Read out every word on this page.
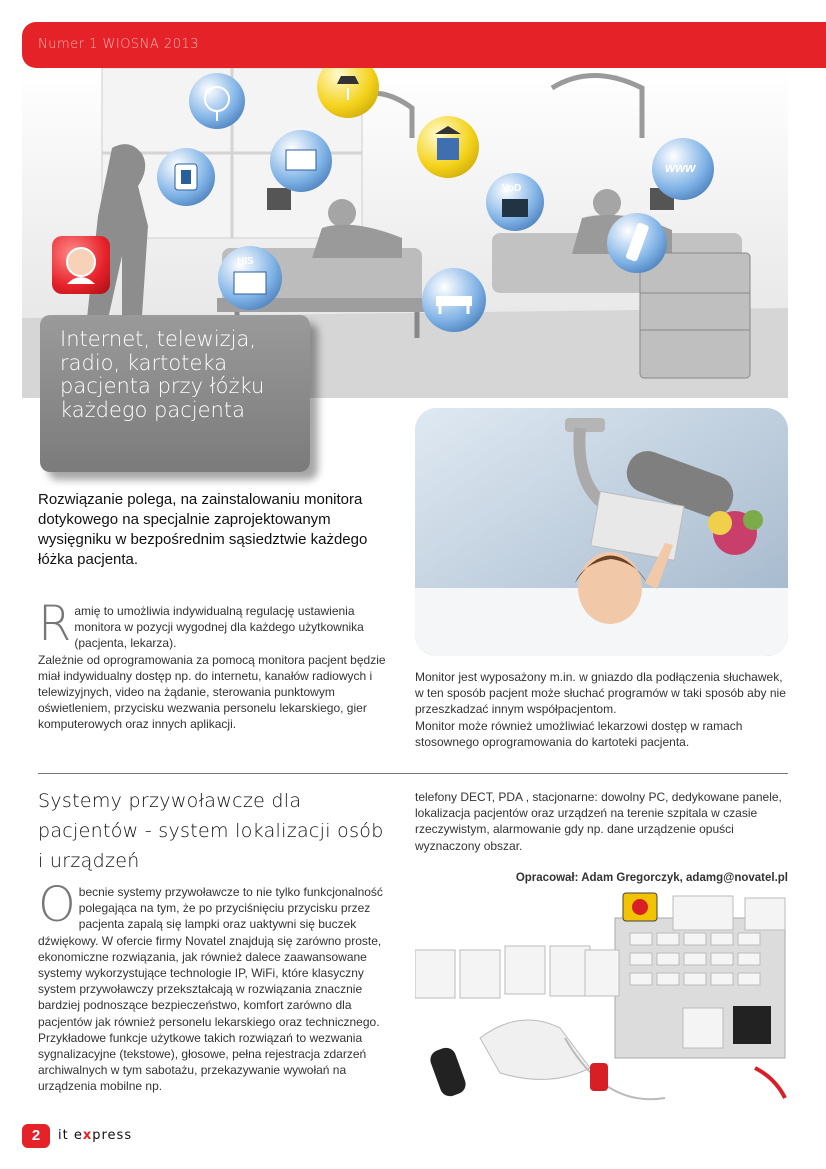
Numer 1 WIOSNA 2013
www
VoD
HIS
Internet, telewizja, radio, kartoteka pacjenta przy łóżku każdego pacjenta

Rozwiązanie polega, na zainstalowaniu monitora dotykowego na specjalnie zaprojektowanym wysięgniku w bezpośrednim sąsiedztwie każdego łóżka pacjenta.

R amię to umożliwia indywidualną regulację ustawienia monitora w pozycji wygodnej dla każdego użytkownika (pacjenta, lekarza).
Zależnie od oprogramowania za pomocą monitora pacjent będzie miał indywidualny dostęp np. do internetu, kanałów radiowych i telewizyjnych, video na żądanie, sterowania punktowym oświetleniem, przycisku wezwania personelu lekarskiego, gier komputerowych oraz innych aplikacji.

Monitor jest wyposażony m.in. w gniazdo dla podłączenia słuchawek, w ten sposób pacjent może słuchać programów w taki sposób aby nie przeszkadzać innym współpacjentom.

Monitor może również umożliwiać lekarzowi dostęp w ramach stosownego oprogramowania do kartoteki pacjenta.

Systemy przywoławcze dla pacjentów - system lokalizacji osób i urządzeń
Obecnie systemy przywoławcze to nie tylko funkcjonalność polegająca na tym, że po przyciśnięciu przycisku przez pacjenta zapalą się lampki oraz uaktywni się buczek dźwiękowy. W ofercie firmy Novatel znajdują się zarówno proste, ekonomiczne rozwiązania, jak również dalece zaawansowane systemy wykorzystujące technologie IP, WiFi, które klasyczny system przywoławczy przekształcają w rozwiązania znacznie bardziej podnoszące bezpieczeństwo, komfort zarówno dla pacjentów jak również personelu lekarskiego oraz technicznego. Przykładowe funkcje użytkowe takich rozwiązań to wezwania sygnalizacyjne (tekstowe), głosowe, pełna rejestracja zdarzeń archiwalnych w tym sabotażu, przekazywanie wywołań na urządzenia mobilne np.

telefony DECT, PDA , stacjonarne: dowolny PC, dedykowane panele, lokalizacja pacjentów oraz urządzeń na terenie szpitala w czasie rzeczywistym, alarmowanie gdy np. dane urządzenie opuści wyznaczony obszar.

Opracował: Adam Gregorczyk, adamg@novatel.pl
2	it express
